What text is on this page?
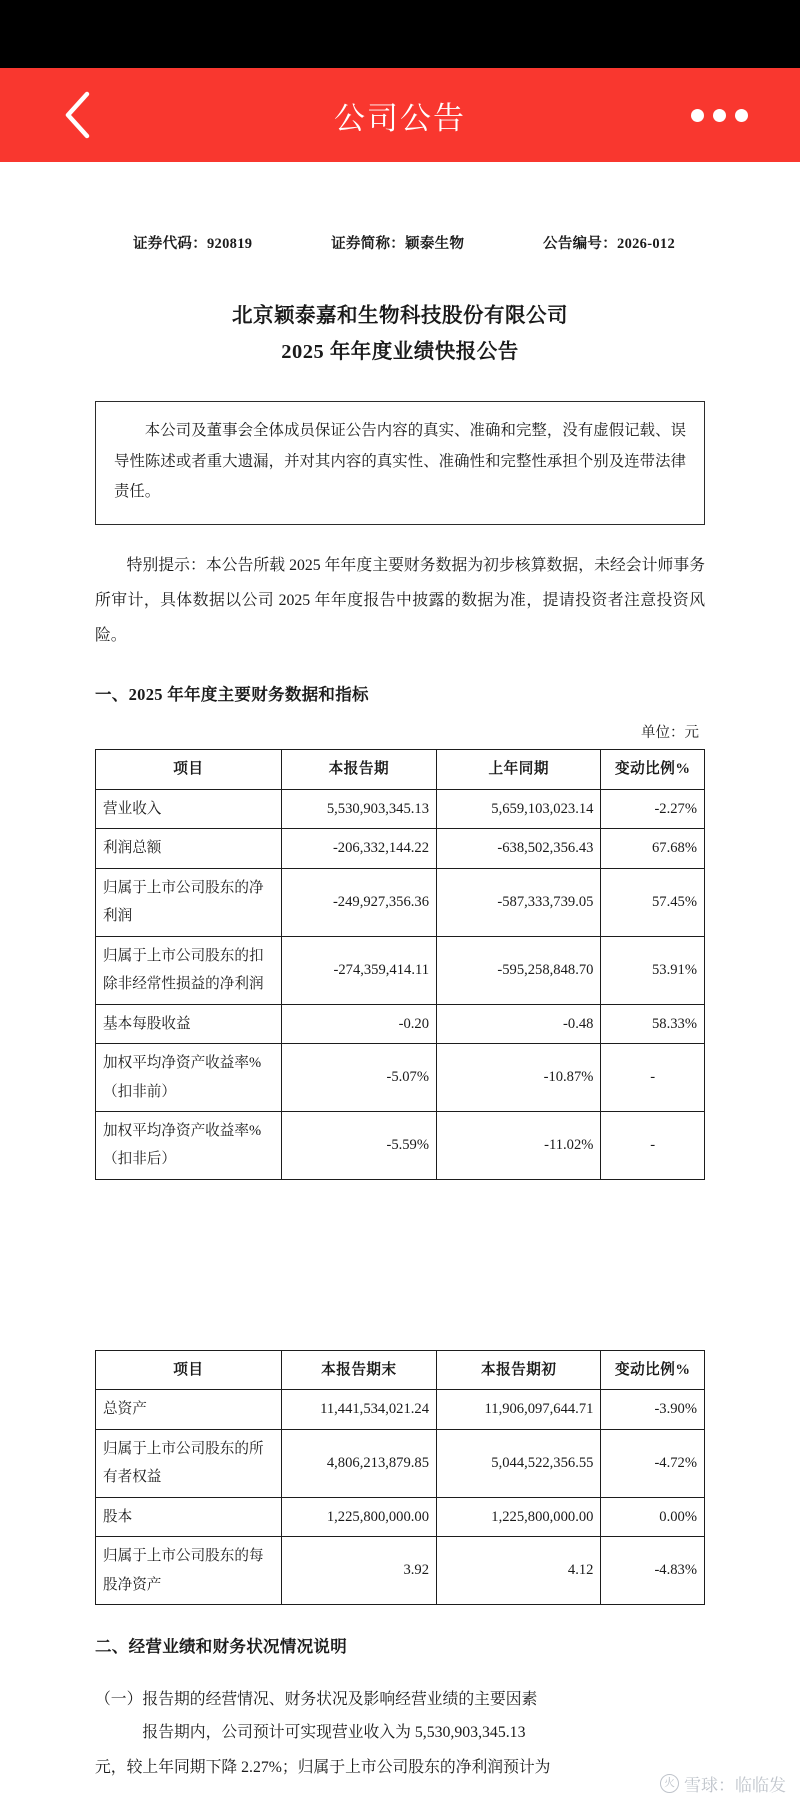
公司公告
证券代码：920819	证券简称：颖泰生物	公告编号：2026-012
北京颖泰嘉和生物科技股份有限公司
2025 年年度业绩快报公告
本公司及董事会全体成员保证公告内容的真实、准确和完整，没有虚假记载、误导性陈述或者重大遗漏，并对其内容的真实性、准确性和完整性承担个别及连带法律责任。
特别提示：本公告所载 2025 年年度主要财务数据为初步核算数据，未经会计师事务所审计，具体数据以公司 2025 年年度报告中披露的数据为准，提请投资者注意投资风险。
一、2025 年年度主要财务数据和指标
单位：元
项目	本报告期	上年同期	变动比例%
营业收入	5,530,903,345.13	5,659,103,023.14	-2.27%
利润总额	-206,332,144.22	-638,502,356.43	67.68%
归属于上市公司股东的净利润	-249,927,356.36	-587,333,739.05	57.45%
归属于上市公司股东的扣除非经常性损益的净利润	-274,359,414.11	-595,258,848.70	53.91%
基本每股收益	-0.20	-0.48	58.33%
加权平均净资产收益率%（扣非前）	-5.07%	-10.87%	-
加权平均净资产收益率%（扣非后）	-5.59%	-11.02%	-
项目	本报告期末	本报告期初	变动比例%
总资产	11,441,534,021.24	11,906,097,644.71	-3.90%
归属于上市公司股东的所有者权益	4,806,213,879.85	5,044,522,356.55	-4.72%
股本	1,225,800,000.00	1,225,800,000.00	0.00%
归属于上市公司股东的每股净资产	3.92	4.12	-4.83%
二、经营业绩和财务状况情况说明
（一）报告期的经营情况、财务状况及影响经营业绩的主要因素
报告期内，公司预计可实现营业收入为 5,530,903,345.13
元，较上年同期下降 2.27%；归属于上市公司股东的净利润预计为
火 雪球：临临发
